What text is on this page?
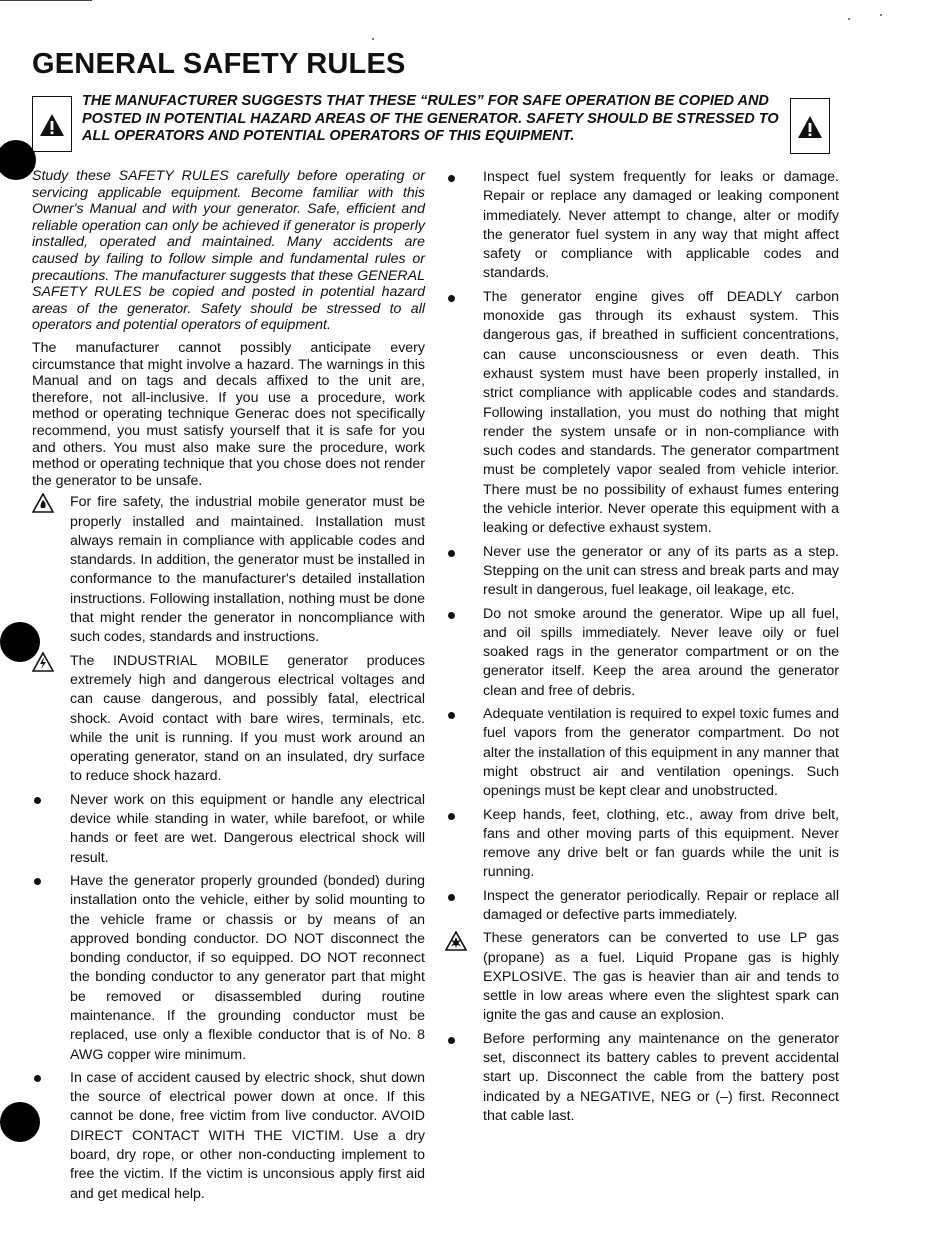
GENERAL SAFETY RULES

THE MANUFACTURER SUGGESTS THAT THESE “RULES” FOR SAFE OPERATION BE COPIED AND POSTED IN POTENTIAL HAZARD AREAS OF THE GENERATOR. SAFETY SHOULD BE STRESSED TO ALL OPERATORS AND POTENTIAL OPERATORS OF THIS EQUIPMENT.

Study these SAFETY RULES carefully before operating or servicing applicable equipment. Become familiar with this Owner's Manual and with your generator. Safe, efficient and reliable operation can only be achieved if generator is properly installed, operated and maintained. Many accidents are caused by failing to follow simple and fundamental rules or precautions. The manufacturer suggests that these GENERAL SAFETY RULES be copied and posted in potential hazard areas of the generator. Safety should be stressed to all operators and potential operators of equipment.

The manufacturer cannot possibly anticipate every circumstance that might involve a hazard. The warnings in this Manual and on tags and decals affixed to the unit are, therefore, not all-inclusive. If you use a procedure, work method or operating technique Generac does not specifically recommend, you must satisfy yourself that it is safe for you and others. You must also make sure the procedure, work method or operating technique that you chose does not render the generator to be unsafe.

For fire safety, the industrial mobile generator must be properly installed and maintained. Installation must always remain in compliance with applicable codes and standards. In addition, the generator must be installed in conformance to the manufacturer's detailed installation instructions. Following installation, nothing must be done that might render the generator in noncompliance with such codes, standards and instructions.
The INDUSTRIAL MOBILE generator produces extremely high and dangerous electrical voltages and can cause dangerous, and possibly fatal, electrical shock. Avoid contact with bare wires, terminals, etc. while the unit is running. If you must work around an operating generator, stand on an insulated, dry surface to reduce shock hazard.
Never work on this equipment or handle any electrical device while standing in water, while barefoot, or while hands or feet are wet. Dangerous electrical shock will result.
Have the generator properly grounded (bonded) during installation onto the vehicle, either by solid mounting to the vehicle frame or chassis or by means of an approved bonding conductor. DO NOT disconnect the bonding conductor, if so equipped. DO NOT reconnect the bonding conductor to any generator part that might be removed or disassembled during routine maintenance. If the grounding conductor must be replaced, use only a flexible conductor that is of No. 8 AWG copper wire minimum.
In case of accident caused by electric shock, shut down the source of electrical power down at once. If this cannot be done, free victim from live conductor. AVOID DIRECT CONTACT WITH THE VICTIM. Use a dry board, dry rope, or other non-conducting implement to free the victim. If the victim is unconsious apply first aid and get medical help.
Inspect fuel system frequently for leaks or damage. Repair or replace any damaged or leaking component immediately. Never attempt to change, alter or modify the generator fuel system in any way that might affect safety or compliance with applicable codes and standards.
The generator engine gives off DEADLY carbon monoxide gas through its exhaust system. This dangerous gas, if breathed in sufficient concentrations, can cause unconsciousness or even death. This exhaust system must have been properly installed, in strict compliance with applicable codes and standards. Following installation, you must do nothing that might render the system unsafe or in non-compliance with such codes and standards. The generator compartment must be completely vapor sealed from vehicle interior. There must be no possibility of exhaust fumes entering the vehicle interior. Never operate this equipment with a leaking or defective exhaust system.
Never use the generator or any of its parts as a step. Stepping on the unit can stress and break parts and may result in dangerous, fuel leakage, oil leakage, etc.
Do not smoke around the generator. Wipe up all fuel, and oil spills immediately. Never leave oily or fuel soaked rags in the generator compartment or on the generator itself. Keep the area around the generator clean and free of debris.
Adequate ventilation is required to expel toxic fumes and fuel vapors from the generator compartment. Do not alter the installation of this equipment in any manner that might obstruct air and ventilation openings. Such openings must be kept clear and unobstructed.
Keep hands, feet, clothing, etc., away from drive belt, fans and other moving parts of this equipment. Never remove any drive belt or fan guards while the unit is running.
Inspect the generator periodically. Repair or replace all damaged or defective parts immediately.
These generators can be converted to use LP gas (propane) as a fuel. Liquid Propane gas is highly EXPLOSIVE. The gas is heavier than air and tends to settle in low areas where even the slightest spark can ignite the gas and cause an explosion.
Before performing any maintenance on the generator set, disconnect its battery cables to prevent accidental start up. Disconnect the cable from the battery post indicated by a NEGATIVE, NEG or (–) first. Reconnect that cable last.
